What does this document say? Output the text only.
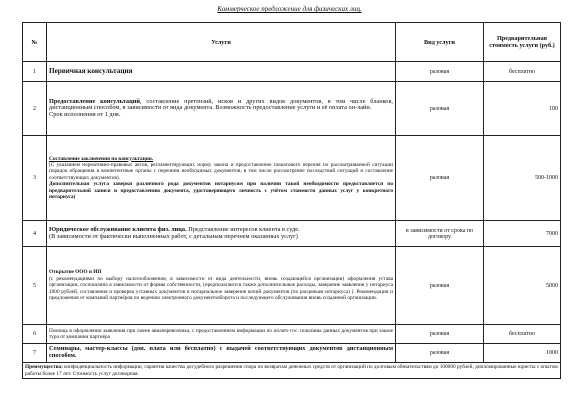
Коммерческое предложение для физических лиц.
№	Услуги	Вид услуги	Предварительная стоимость услуги (руб.)
1	Первичная консультация	разовая	бесплатно
2	Предоставление консультаций, составление претензий, исков и других видов документов, в том числе бланков, дистанционным способом, в зависимости от вида документа. Возможность предоставление услуги и её оплата он-лайн.
Срок исполнения от 1 дня.	разовая	100
3	Составление заключения по консультации.
(С указанием нормативно-правовых актов, регламентирующих норму закона и предоставление пошагового перечня по рассматриваемой ситуации порядок обращения в компетентные органы с перечнем необходимых документов, в том числе рассмотрение последствий ситуаций и составление соответствующих документов).
Дополнительная услуга заверки различного рода документов нотариусом при наличии такой необходимости предоставляется по предварительной записи и предоставлению документа, удостоверяющего личность с учётом стоимости данных услуг у конкретного нотариуса)	разовая	500-1000
4	Юридическое обслуживание клиента физ. лица. Представление интересов клиента в суде.
(В зависимости от фактически выполненных работ, с детальным перечнем оказанных услуг)	в зависимости от срока по договору	7000
5	Открытие ООО и ИП
(с рекомендациями по выбору налогообложения, в зависимости от вида деятельности, вновь создающейся организации) оформления устава организации, госпошлина в зависимости от формы собственности, (предполагаются также дополнительные расходы, заверение заявления у нотариуса 1000 рублей, составления и проверка уставных документов и нотариальное заверение копий документов (по расценкам нотариуса) ). Рекомендации и предложения от компаний партнёров по ведению электронного документооборота и последующего обслуживания вновь созданной организации.	разовая	5000
6	Помощь в оформлении заявления при смене авиаперевозчика, с предоставлением информации по оплате гос. пошлины данных документов при заказе тура от компании партнёра	разовая	бесплатно
7	Семинары, мастер-классы (доп. плата или бесплатно) с выдачей соответствующих документов дистанционным способом.	разовая	1000
Преимущества: конфиденциальность информации, гарантия качества досудебного разрешения спора по возвратам денежных средств от организаций по долговым обязательствам до 100000 рублей, дипломированные юристы с опытом работы более 17 лет. Стоимость услуг договорная.			
